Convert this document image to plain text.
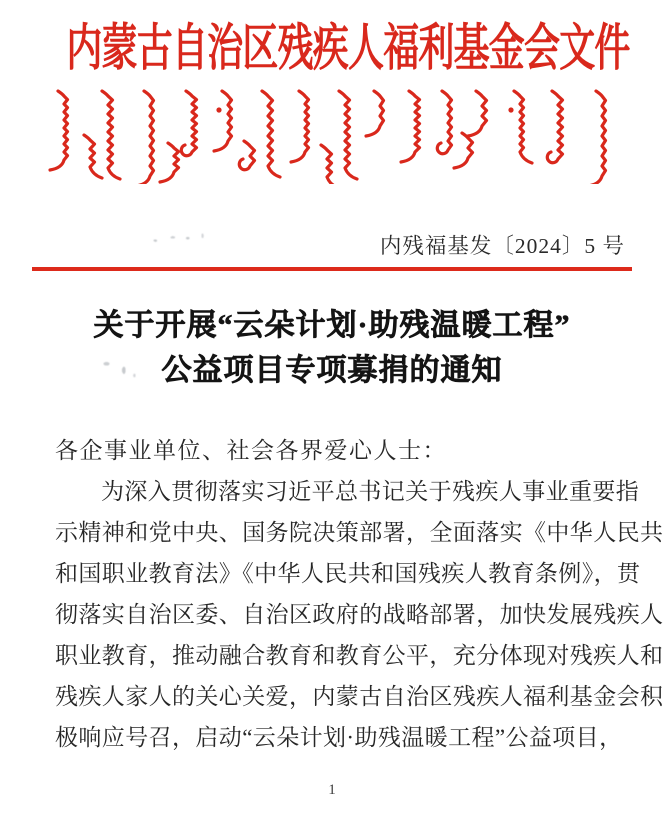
内蒙古自治区残疾人福利基金会文件
内残福基发〔2024〕5 号
关于开展“云朵计划·助残温暖工程”
公益项目专项募捐的通知
各企事业单位、社会各界爱心人士：
为深入贯彻落实习近平总书记关于残疾人事业重要指
示精神和党中央、国务院决策部署，全面落实《中华人民共
和国职业教育法》《中华人民共和国残疾人教育条例》，贯
彻落实自治区委、自治区政府的战略部署，加快发展残疾人
职业教育，推动融合教育和教育公平，充分体现对残疾人和
残疾人家人的关心关爱，内蒙古自治区残疾人福利基金会积
极响应号召，启动“云朵计划·助残温暖工程”公益项目，
1
